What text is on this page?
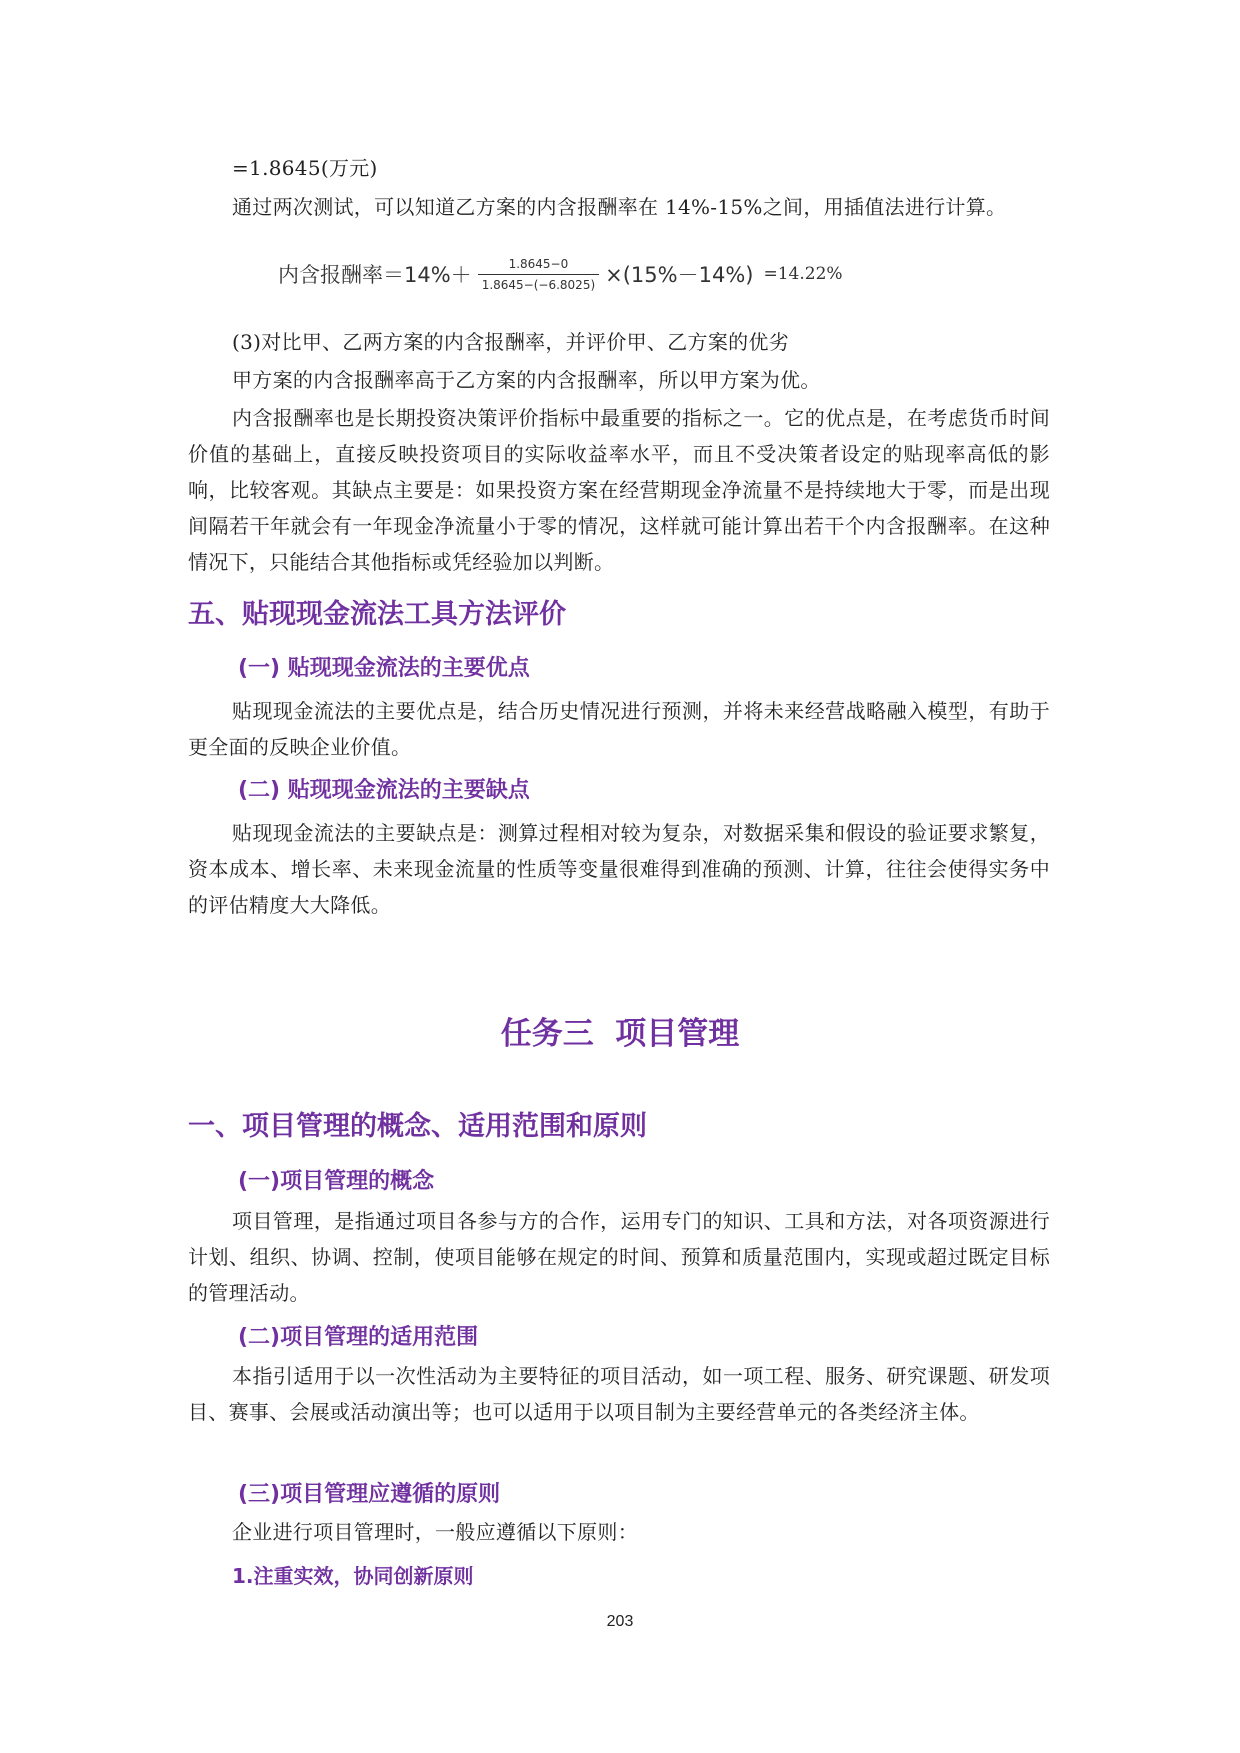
=1.8645(万元)
通过两次测试，可以知道乙方案的内含报酬率在 14%-15%之间，用插值法进行计算。
内含报酬率 $=14\%+ \frac{1.8645-0}{1.8645-(-6.8025)} \times(15\%-14\%) =14.22\%$
(3)对比甲、乙两方案的内含报酬率，并评价甲、乙方案的优劣
甲方案的内含报酬率高于乙方案的内含报酬率，所以甲方案为优。
内含报酬率也是长期投资决策评价指标中最重要的指标之一。它的优点是，在考虑货币时间价值的基础上，直接反映投资项目的实际收益率水平，而且不受决策者设定的贴现率高低的影响，比较客观。其缺点主要是：如果投资方案在经营期现金净流量不是持续地大于零，而是出现间隔若干年就会有一年现金净流量小于零的情况，这样就可能计算出若干个内含报酬率。在这种情况下，只能结合其他指标或凭经验加以判断。
五、贴现现金流法工具方法评价
(一) 贴现现金流法的主要优点
贴现现金流法的主要优点是，结合历史情况进行预测，并将未来经营战略融入模型，有助于更全面的反映企业价值。
(二) 贴现现金流法的主要缺点
贴现现金流法的主要缺点是：测算过程相对较为复杂，对数据采集和假设的验证要求繁复，资本成本、增长率、未来现金流量的性质等变量很难得到准确的预测、计算，往往会使得实务中的评估精度大大降低。
任务三  项目管理
一、项目管理的概念、适用范围和原则
(一)项目管理的概念
项目管理，是指通过项目各参与方的合作，运用专门的知识、工具和方法，对各项资源进行计划、组织、协调、控制，使项目能够在规定的时间、预算和质量范围内，实现或超过既定目标的管理活动。
(二)项目管理的适用范围
本指引适用于以一次性活动为主要特征的项目活动，如一项工程、服务、研究课题、研发项目、赛事、会展或活动演出等；也可以适用于以项目制为主要经营单元的各类经济主体。
(三)项目管理应遵循的原则
企业进行项目管理时，一般应遵循以下原则：
1.注重实效，协同创新原则
203
